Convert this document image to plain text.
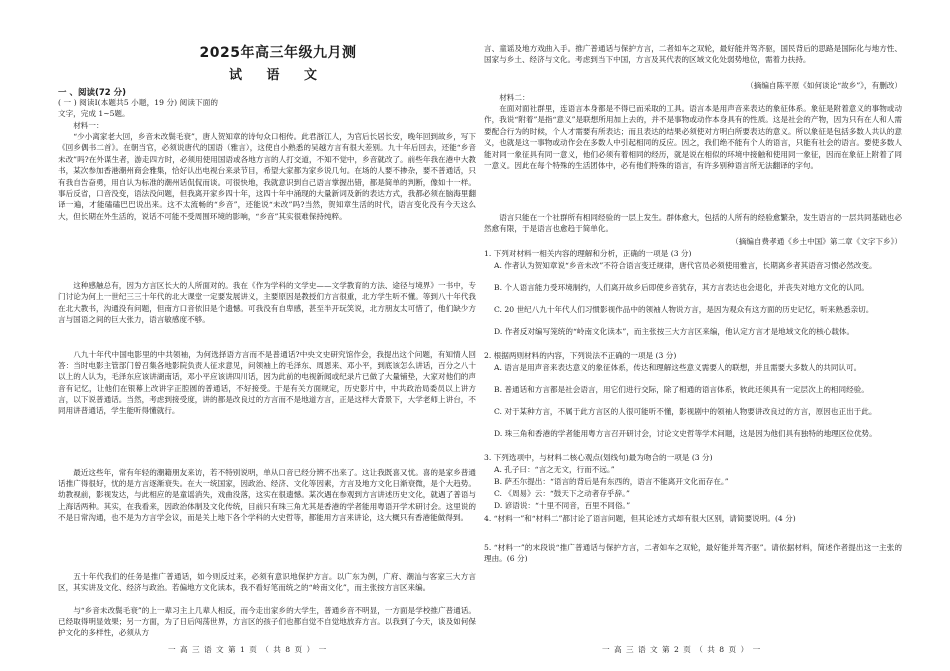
2025年高三年级九月测
试 语 文
一 、阅读(72 分)

( 一 ) 阅读Ⅰ(本题共5 小题，19 分) 阅读下面的文字，完成 1~5题。

材料一：

“少小离家老大回，乡音未改鬓毛衰”，唐人贺知章的诗句众口相传。此君浙江人，为官后长居长安，晚年回到故乡，写下《回乡偶书二首》。在朝当官，必须说唐代的国语（雅言），这使自小熟悉的吴越方言有很大差别。九十年后回去，还能“乡音未改”吗?在外谋生者，游走四方时，必须用使用国语或各地方言的人打交道，不知不觉中，乡音就改了。前些年我在港中大教书，某次参加香港潮州商会雅集，恰好认出电视台来录节目，希望大家都为家乡说几句。在场的人要不掺杂，要不普通话，只有我自告奋勇，用自认为标准的潮州话侃侃而谈。可很快地，我就意识到自己语言掌握出错，都是简单的判断，像如十一样。事后反省，口音没变，语法没问题，但我离开家乡四十年，这四十年中涌现的大量新词及新的表达方式，我都必须在脑海里翻译一遍，才能磕磕巴巴说出来。这不太流畅的“乡音”，还能说“未改”吗?当然，贺知章生活的时代，语言变化没有今天这么大，但长期在外生活的，说话不可能不受周围环境的影响，“乡音”其实很难保持纯粹。

这种感触总有，因为方言区长大的人所面对的。我在《作为学科的文学史——文学教育的方法、途径与境界》一书中，专门讨论为何上一世纪三三十年代的北大课堂一定要发展讲义，主要原因是教授们方言很重，北方学生听不懂。等到八十年代我在北大教书，沟通没有问题，但南方口音依旧是个遗憾。可我没有自卑感，甚至半开玩笑说，北方朋友太可惜了，他们缺少方言与国语之间的巨大张力，语言敏感度不够。

八九十年代中国电影里的中共领袖，为何选择语方言而不是普通话?中央文史研究馆作会，我提出这个问题，有知情人回答：当时电影主管部门曾召集各地影院负责人征求意见，问领袖上的毛泽东、周恩来、邓小平，到底该怎么讲话，百分之八十以上的人认为，毛泽东应该讲湖南话，邓小平应该讲四川话，因为此前的电视新闻或纪录片已做了大量铺垫，大家对他们的声音有记忆，让他们在银幕上改讲字正腔圆的普通话，不好接受。于是有关方面规定，历史影片中，中共政治局委员以上讲方言，以下说普通话。当然，考虑到接受度，讲的都是改良过的方言而不是地道方言，正是这样大背景下，大学老师上讲台，不同用讲普通话，学生能听得懂就行。

最近这些年，常有年轻的潮籍朋友来访，若不特别说明，单从口音已经分辨不出来了。这让我既喜又忧。喜的是家乡普通话推广得很好，忧的是方言逐渐衰失。在大一统国家，因政治、经济、文化等因素，方言及地方文化日渐衰微，是个大趋势。幼教视前，影视发达，与此相应的是童谣消失，戏曲没落，这实在很遗憾。某次遇在参观到方言讲述历史文化，就遇了普语与上海话两种。其实，在我看来，因政治体制及文化传统，目前只有珠三角尤其是香港的学者能用粤语开学术研讨会。这里说的不是日常沟通，也不是为方言学会议，而是关上地下各个学科的大史哲等，都能用方言来讲论，这大概只有香港能做得到。

五十年代我们的任务是推广普通话，如今则反过来，必须有意识地保护方言。以广东为例，广府、潮汕与客家三大方言区，其实讲及文化、经济与政治。若偏地方文化读本，我不看好笔而统之的“岭南文化”，而主张按方言区来编。

与“乡音未改鬓毛衰”的上一辈习主上几辈人相反，而今走出家乡的大学生，普通乡音不明显，一方面是学校推广普通话。已经取得明显效果；另一方面，为了日后闯荡世界，方言区的孩子们也都自觉不自觉地放弃方言。以我到了今天，谈及如何保护文化的多样性，必须从方

一 高 三 语 文 第 1 页 （ 共 8 页 ） 一

言、童谣及地方戏曲入手。推广普通话与保护方言，二者如车之双轮，最好能并驾齐驱，国民背后的思路是国际化与地方性、国家与乡土、经济与文化。考虑到当下中国，方言及其代表的区域文化处弱势地位，需着力扶持。

（摘编自陈平原《如何谈论“故乡”》，有删改）

材料二：

在面对面社群里，连语言本身都是不得已而采取的工具。语言本是用声音来表达的象征体系。象征是附着意义的事物或动作，我说“附着”是指“意义”是联想所用加上去的，并不是事物或动作本身具有的性质。这是社会的产物，因为只有在人和人需要配合行为的时候，个人才需要有所表达；而且表达的结果必须使对方明白所要表达的意义。所以象征是包括多数人共认的意义，也就是这一事物或动作会在多数人中引起相同的反应。因之，我们绝不能有个人的语言，只能有社会的语言。要使多数人能对同一象征具有同一意义，他们必须有着相同的经历，就是说在相似的环境中接触和使用同一象征，因而在象征上附着了同一意义。因此在每个特殊的生活团体中，必有他们特殊的语言，有许多别种语言所无法翻译的字句。

语言只能在一个社群所有相同经验的一层上发生。群体愈大，包括的人所有的经验愈繁杂，发生语言的一层共同基础也必然愈有限，于是语言也愈趋于简单化。

（摘编自费孝通《乡土中国》第二章《文字下乡》）

1. 下列对材料一相关内容的理解和分析，正确的一项是 (3 分)

A. 作者认为贺知章说“乡音未改”不符合语言变迁规律，唐代官员必须使用雅言，长期离乡者其语音习惯必然改变。

B. 个人语言能力受环境制约，人们离开故乡后即使乡音犹存，其方言表达也会退化，并丧失对地方文化的认同。

C. 20 世纪八九十年代人们习惯影视作品中的领袖人物说方言，是因为观众有这方面的历史记忆，听来熟悉亲切。

D. 作者反对编写笼统的“岭南文化读本”，而主张按三大方言区来编，他认定方言才是地域文化的核心载体。

2. 根据两则材料的内容，下列说法不正确的一项是 (3 分)

A. 语言是用声音来表达意义的象征体系，传达和理解这些意义需要人的联想，并且需要大多数人的共同认可。

B. 普通话和方言都是社会语言，用它们进行交际，除了相通的语言体系，彼此还须具有一定层次上的相同经验。

C. 对于某种方言，不属于此方言区的人很可能听不懂，影视剧中的领袖人物要讲改良过的方言，原因也正出于此。

D. 珠三角和香港的学者能用粤方言召开研讨会，讨论文史哲等学术问题，这是因为他们具有独特的地理区位优势。

3. 下列选项中，与材料二核心观点(划线句)最为吻合的一项是 (3 分)

A. 孔子曰：“言之无文，行而不远。”

B. 萨丕尔提出：“语言的背后是有东西的，语言不能离开文化而存在。”

C. 《周易》云：“鼓天下之动者存乎辞。”

D. 谚语说：“十里不同音，百里不同俗。”

4. “材料一”和“材料二”都讨论了语言问题，但其论述方式却有很大区别，请简要说明。(4 分)

5. “材料一”的末段说“推广普通话与保护方言，二者如车之双轮，最好能并驾齐驱”。请依据材料，简述作者提出这一主张的理由。(6 分)

一 高 三 语 文 第 2 页 （ 共 8 页 ） 一
